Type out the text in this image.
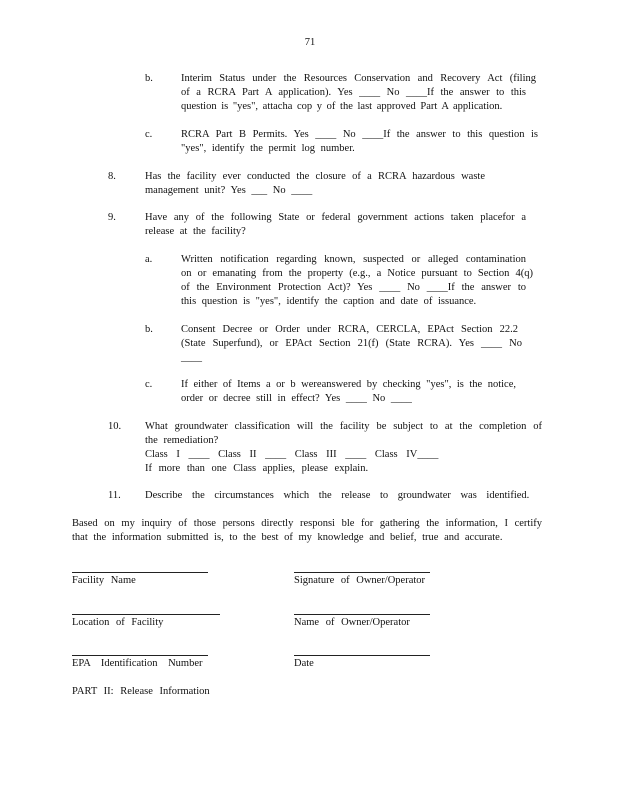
71
b.	Interim Status under the Resources Conservation and Recovery Act (filing
of a RCRA Part A application). Yes ____ No ____If the answer to this
question is "yes", attacha cop y of the last approved Part A application.
c.	RCRA Part B Permits. Yes ____ No ____If the answer to this question is
"yes", identify the permit log number.
8.	Has the facility ever conducted the closure of a RCRA hazardous waste
management unit? Yes ___ No ____
9.	Have any of the following State or federal government actions taken placefor a
release at the facility?
a.	Written notification regarding known, suspected or alleged contamination
on or emanating from the property (e.g., a Notice pursuant to Section 4(q)
of the Environment Protection Act)? Yes ____ No ____If the answer to
this question is "yes", identify the caption and date of issuance.
b.	Consent Decree or Order under RCRA, CERCLA, EPAct Section 22.2
(State Superfund), or EPAct Section 21(f) (State RCRA). Yes ____ No
____
c.	If either of Items a or b wereanswered by checking "yes", is the notice,
order or decree still in effect? Yes ____ No ____
10. What groundwater classification will the facility be subject to at the completion of
the remediation?
Class I ____ Class II ____ Class III ____ Class IV____
If more than one Class applies, please explain.
11. Describe the circumstances which the release to groundwater was identified.
Based on my inquiry of those persons directly responsi ble for gathering the information, I certify
that the information submitted is, to the best of my knowledge and belief, true and accurate.
Facility Name	Signature of Owner/Operator
Location of Facility	Name of Owner/Operator
EPA Identification Number	Date
PART II: Release Information
